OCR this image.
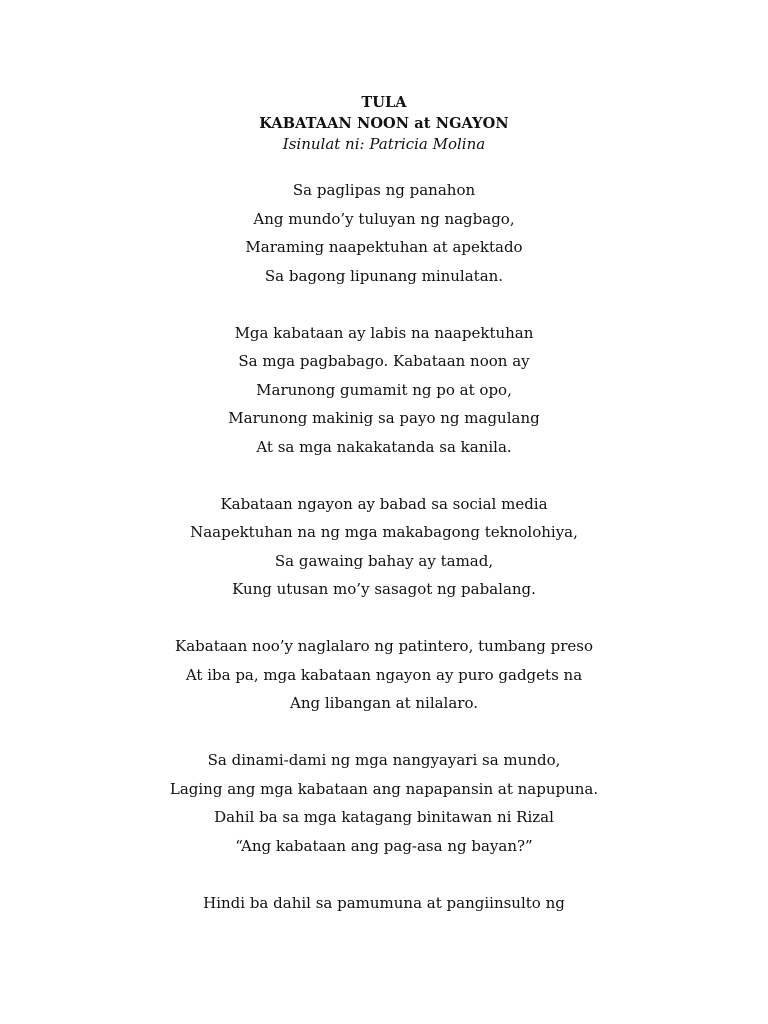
TULA
KABATAAN NOON at NGAYON
Isinulat ni: Patricia Molina
Sa paglipas ng panahon
Ang mundo’y tuluyan ng nagbago,
Maraming naapektuhan at apektado
Sa bagong lipunang minulatan.
Mga kabataan ay labis na naapektuhan
Sa mga pagbabago. Kabataan noon ay
Marunong gumamit ng po at opo,
Marunong makinig sa payo ng magulang
At sa mga nakakatanda sa kanila.
Kabataan ngayon ay babad sa social media
Naapektuhan na ng mga makabagong teknolohiya,
Sa gawaing bahay ay tamad,
Kung utusan mo’y sasagot ng pabalang.
Kabataan noo’y naglalaro ng patintero, tumbang preso
At iba pa, mga kabataan ngayon ay puro gadgets na
Ang libangan at nilalaro.
Sa dinami-dami ng mga nangyayari sa mundo,
Laging ang mga kabataan ang napapansin at napupuna.
Dahil ba sa mga katagang binitawan ni Rizal
“Ang kabataan ang pag-asa ng bayan?”
Hindi ba dahil sa pamumuna at pangiinsulto ng
